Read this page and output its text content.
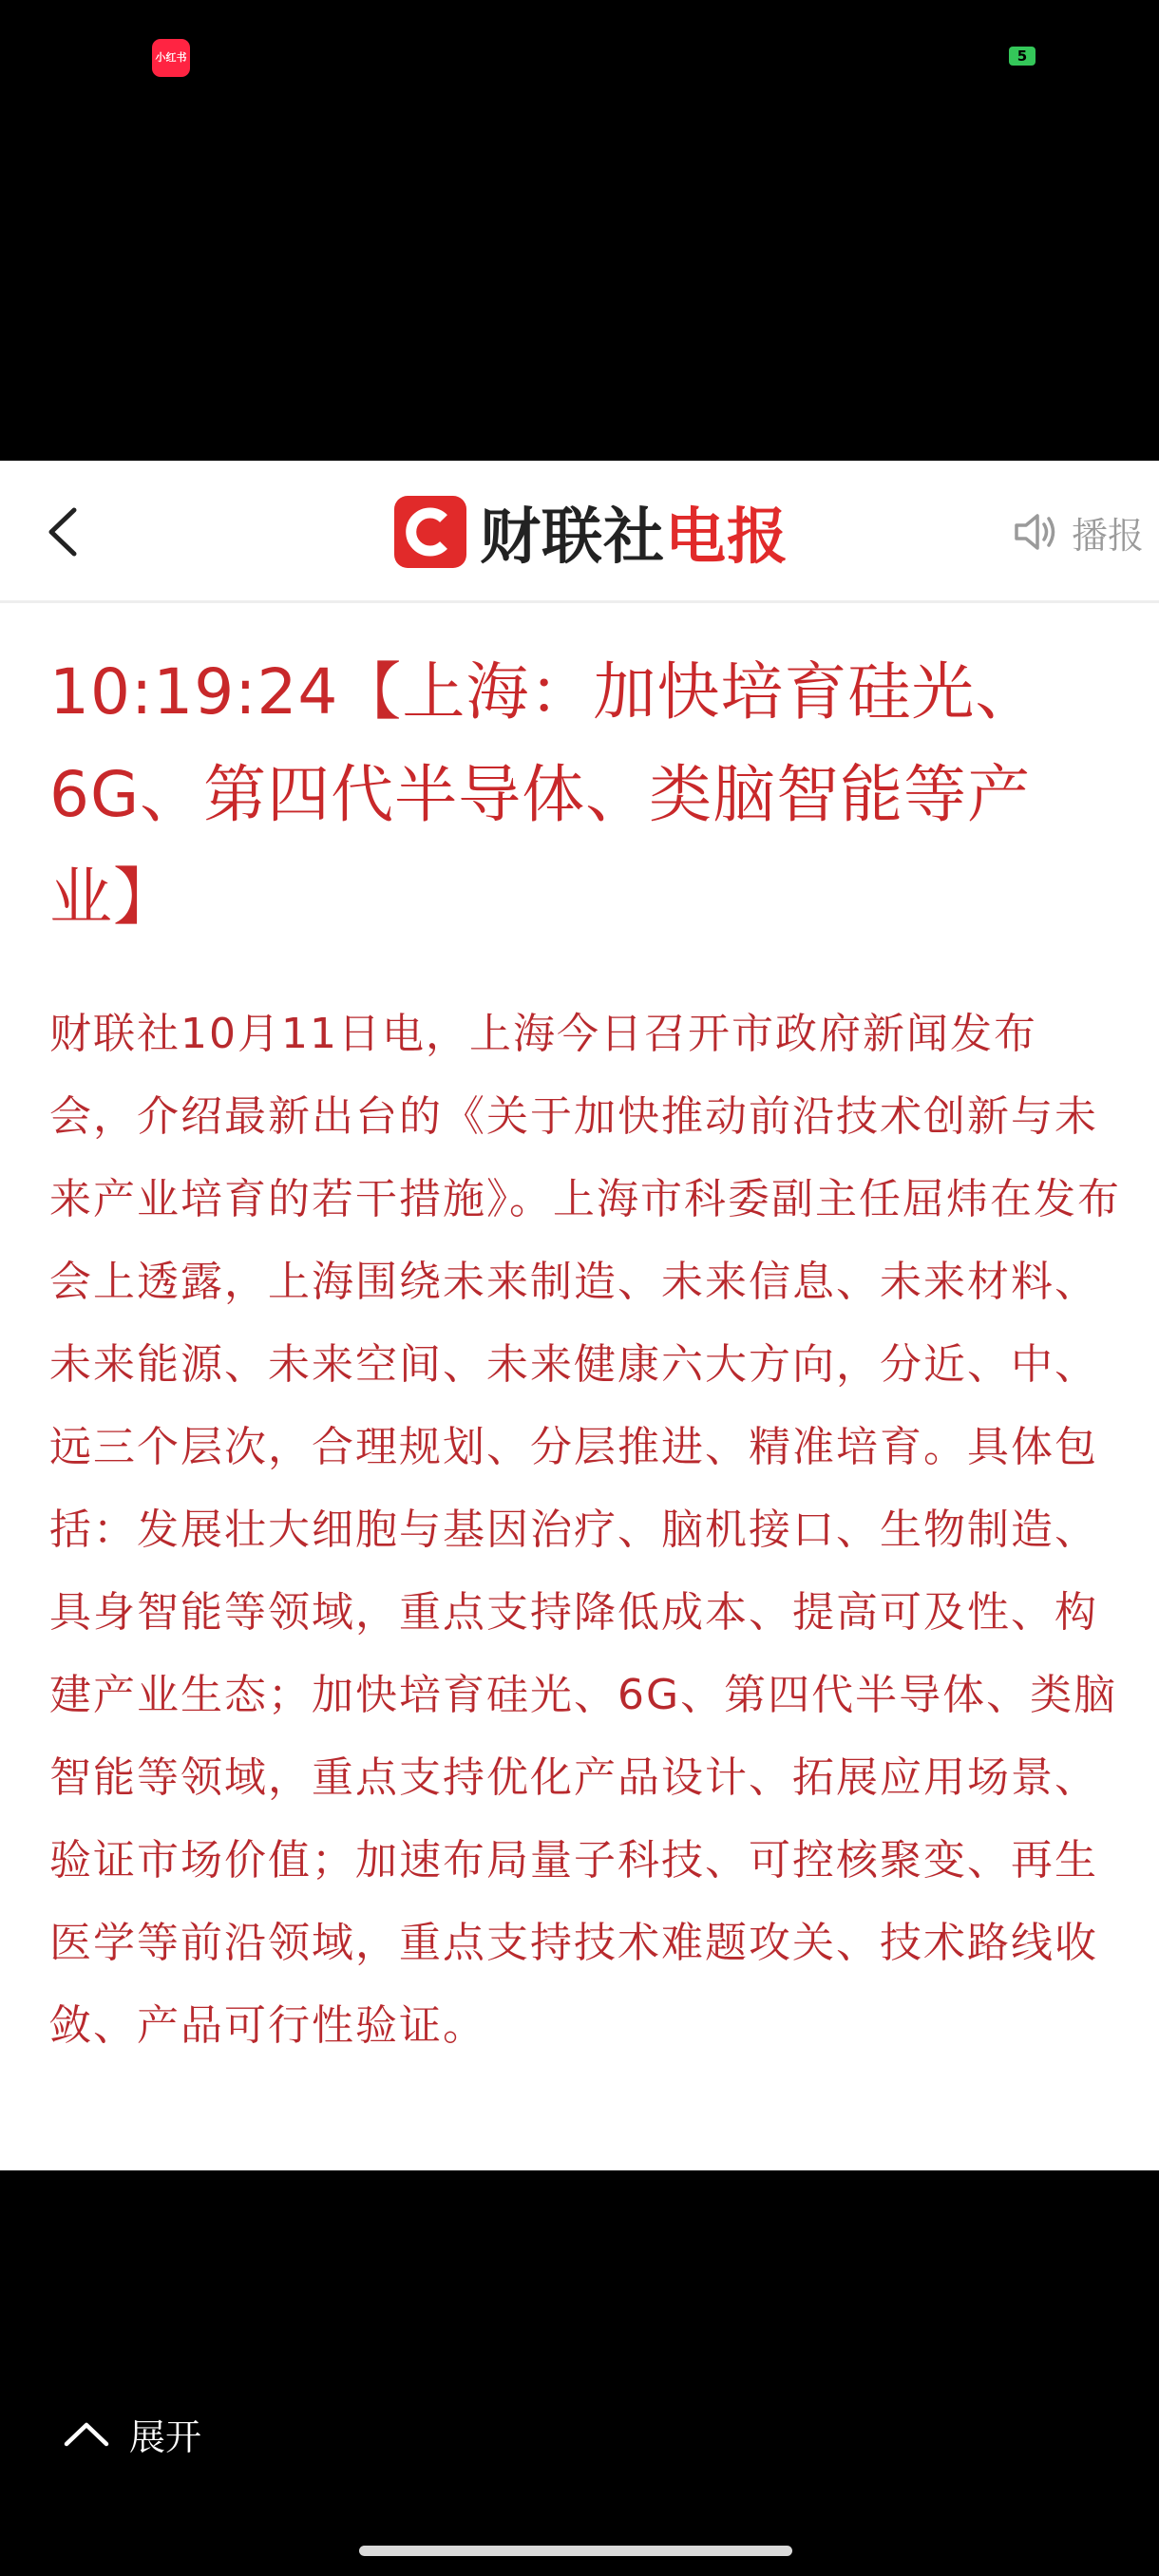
小红书	5
财联社电报	播报
10:19:24【上海：加快培育硅光、6G、第四代半导体、类脑智能等产业】

财联社10月11日电，上海今日召开市政府新闻发布会，介绍最新出台的《关于加快推动前沿技术创新与未来产业培育的若干措施》。上海市科委副主任屈炜在发布会上透露，上海围绕未来制造、未来信息、未来材料、未来能源、未来空间、未来健康六大方向，分近、中、远三个层次，合理规划、分层推进、精准培育。具体包括：发展壮大细胞与基因治疗、脑机接口、生物制造、具身智能等领域，重点支持降低成本、提高可及性、构建产业生态；加快培育硅光、6G、第四代半导体、类脑智能等领域，重点支持优化产品设计、拓展应用场景、验证市场价值；加速布局量子科技、可控核聚变、再生医学等前沿领域，重点支持技术难题攻关、技术路线收敛、产品可行性验证。

展开
